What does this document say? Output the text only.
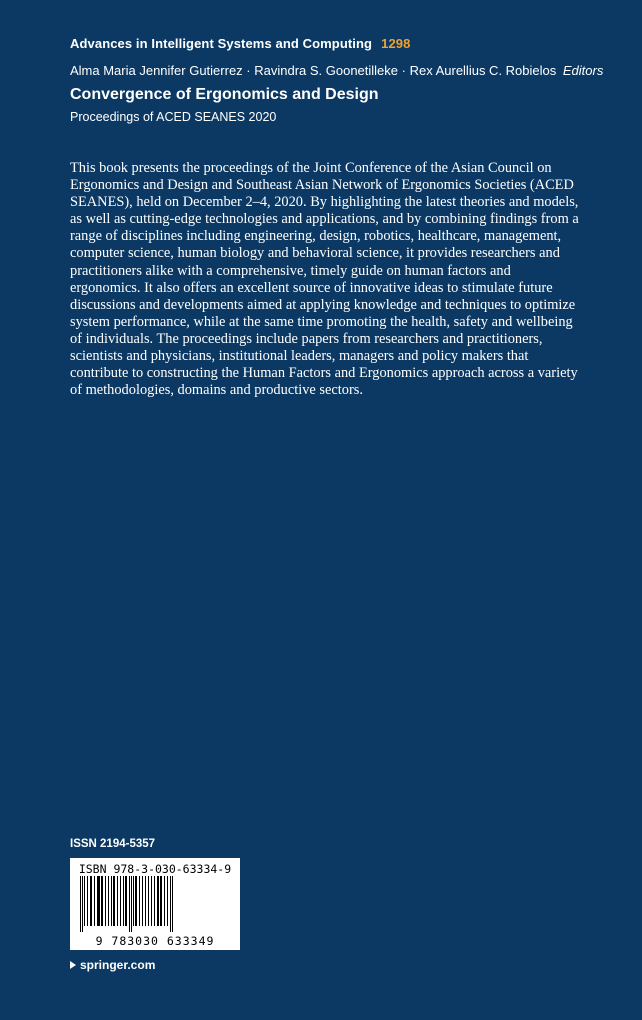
Advances in Intelligent Systems and Computing 1298
Alma Maria Jennifer Gutierrez · Ravindra S. Goonetilleke · Rex Aurellius C. Robielos Editors
Convergence of Ergonomics and Design
Proceedings of ACED SEANES 2020

This book presents the proceedings of the Joint Conference of the Asian Council on Ergonomics and Design and Southeast Asian Network of Ergonomics Societies (ACED SEANES), held on December 2–4, 2020. By highlighting the latest theories and models, as well as cutting-edge technologies and applications, and by combining findings from a range of disciplines including engineering, design, robotics, healthcare, management, computer science, human biology and behavioral science, it provides researchers and practitioners alike with a comprehensive, timely guide on human factors and ergonomics. It also offers an excellent source of innovative ideas to stimulate future discussions and developments aimed at applying knowledge and techniques to optimize system performance, while at the same time promoting the health, safety and wellbeing of individuals. The proceedings include papers from researchers and practitioners, scientists and physicians, institutional leaders, managers and policy makers that contribute to constructing the Human Factors and Ergonomics approach across a variety of methodologies, domains and productive sectors.

ISSN 2194-5357
ISBN 978-3-030-63334-9
9 783030 633349
springer.com
